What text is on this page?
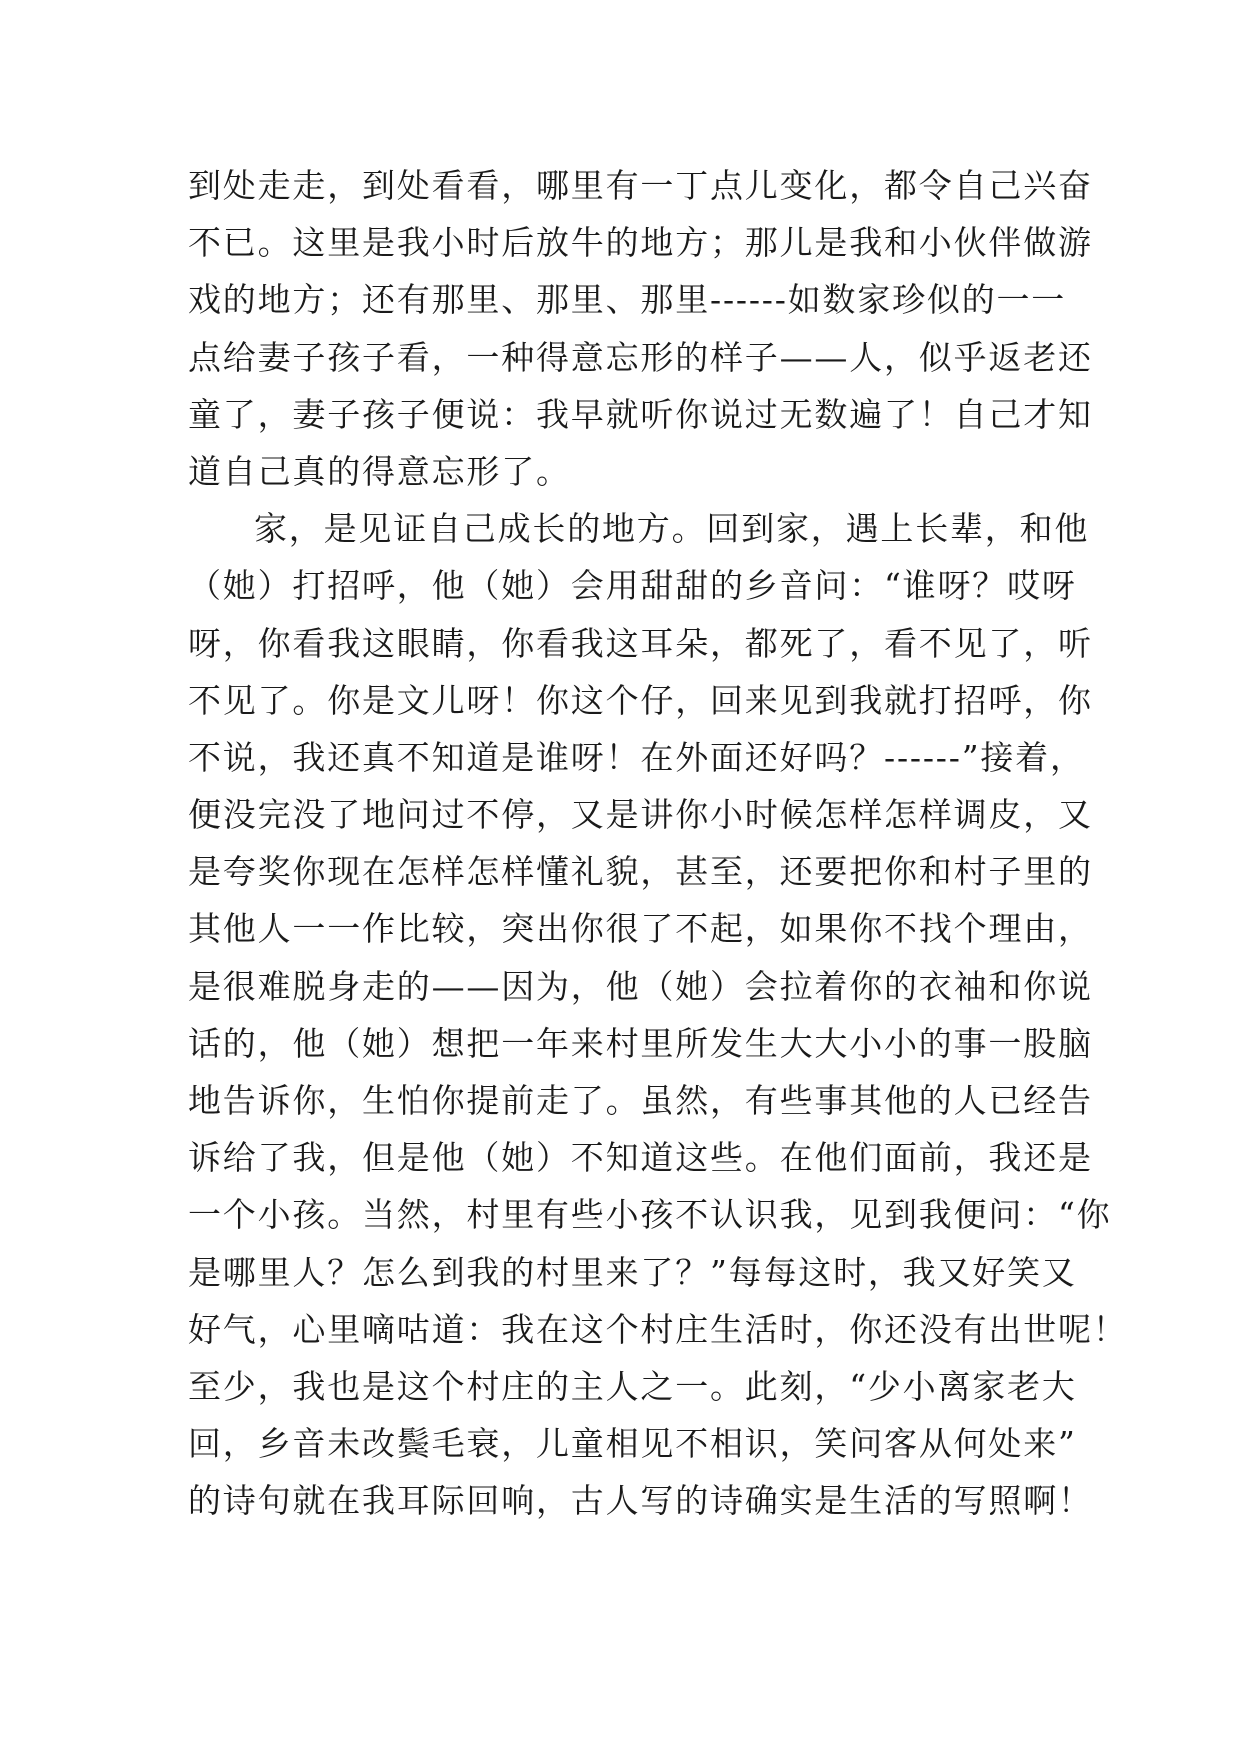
到处走走，到处看看，哪里有一丁点儿变化，都令自己兴奋
不已。这里是我小时后放牛的地方；那儿是我和小伙伴做游
戏的地方；还有那里、那里、那里------如数家珍似的一一
点给妻子孩子看，一种得意忘形的样子——人，似乎返老还
童了，妻子孩子便说：我早就听你说过无数遍了！自己才知
道自己真的得意忘形了。
家，是见证自己成长的地方。回到家，遇上长辈，和他
（她）打招呼，他（她）会用甜甜的乡音问：“谁呀？哎呀
呀，你看我这眼睛，你看我这耳朵，都死了，看不见了，听
不见了。你是文儿呀！你这个仔，回来见到我就打招呼，你
不说，我还真不知道是谁呀！在外面还好吗？------”接着，
便没完没了地问过不停，又是讲你小时候怎样怎样调皮，又
是夸奖你现在怎样怎样懂礼貌，甚至，还要把你和村子里的
其他人一一作比较，突出你很了不起，如果你不找个理由，
是很难脱身走的——因为，他（她）会拉着你的衣袖和你说
话的，他（她）想把一年来村里所发生大大小小的事一股脑
地告诉你，生怕你提前走了。虽然，有些事其他的人已经告
诉给了我，但是他（她）不知道这些。在他们面前，我还是
一个小孩。当然，村里有些小孩不认识我，见到我便问：“你
是哪里人？怎么到我的村里来了？”每每这时，我又好笑又
好气，心里嘀咕道：我在这个村庄生活时，你还没有出世呢！
至少，我也是这个村庄的主人之一。此刻，“少小离家老大
回，乡音未改鬓毛衰，儿童相见不相识，笑问客从何处来”
的诗句就在我耳际回响，古人写的诗确实是生活的写照啊！
